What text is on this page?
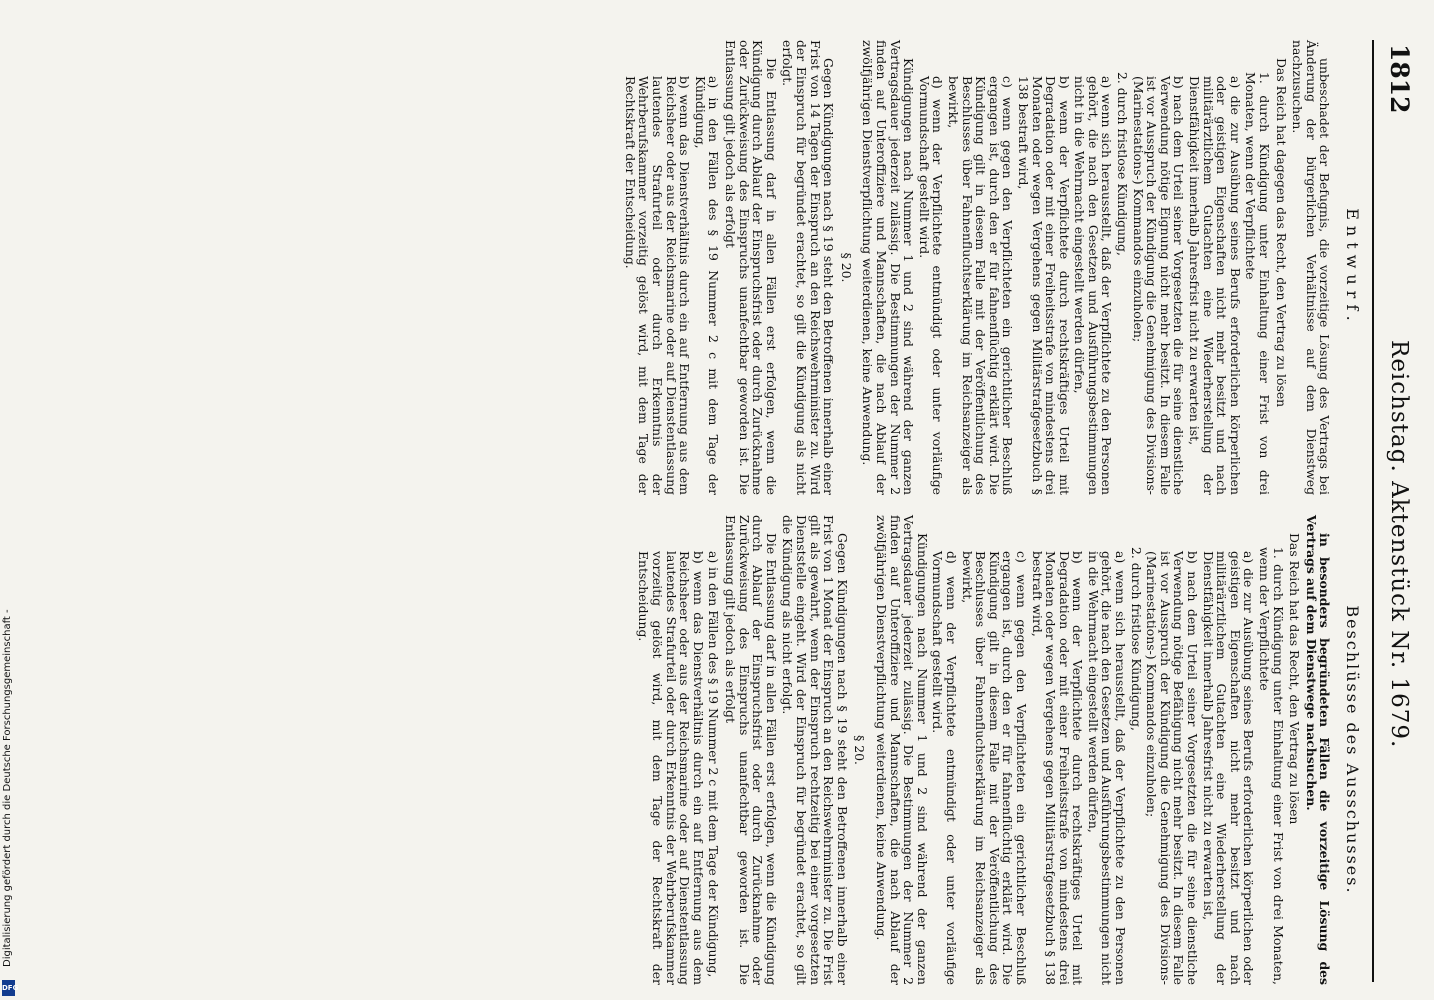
1812
Reichstag. Aktenstück Nr. 1679.
Entwurf.

unbeschadet der Befugnis, die vorzeitige Lösung des Vertrags bei Änderung der bürgerlichen Verhältnisse auf dem Dienstweg nachzusuchen.

Das Reich hat dagegen das Recht, den Vertrag zu lösen

1. durch Kündigung unter Einhaltung einer Frist von drei Monaten, wenn der Verpflichtete

a) die zur Ausübung seines Berufs erforderlichen körperlichen oder geistigen Eigenschaften nicht mehr besitzt und nach militärärztlichem Gutachten eine Wiederherstellung der Dienstfähigkeit innerhalb Jahresfrist nicht zu erwarten ist,

b) nach dem Urteil seiner Vorgesetzten die für seine dienstliche Verwendung nötige Eignung nicht mehr besitzt. In diesem Falle ist vor Ausspruch der Kündigung die Genehmigung des Divisions- (Marinestations-) Kommandos einzuholen;

2. durch fristlose Kündigung,

a) wenn sich herausstellt, daß der Verpflichtete zu den Personen gehört, die nach den Gesetzen und Ausführungsbestimmungen nicht in die Wehrmacht eingestellt werden dürfen,

b) wenn der Verpflichtete durch rechtskräftiges Urteil mit Degradation oder mit einer Freiheitsstrafe von mindestens drei Monaten oder wegen Vergehens gegen Militärstrafgesetzbuch § 138 bestraft wird,

c) wenn gegen den Verpflichteten ein gerichtlicher Beschluß ergangen ist, durch den er für fahnenflüchtig erklärt wird. Die Kündigung gilt in diesem Falle mit der Veröffentlichung des Beschlusses über Fahnenfluchtserklärung im Reichsanzeiger als bewirkt,

d) wenn der Verpflichtete entmündigt oder unter vorläufige Vormundschaft gestellt wird.

Kündigungen nach Nummer 1 und 2 sind während der ganzen Vertragsdauer jederzeit zulässig. Die Bestimmungen der Nummer 2 finden auf Unteroffiziere und Mannschaften, die nach Ablauf der zwölfjährigen Dienstverpflichtung weiterdienen, keine Anwendung.

§ 20.

Gegen Kündigungen nach § 19 steht den Betroffenen innerhalb einer Frist von 14 Tagen der Einspruch an den Reichswehrminister zu. Wird der Einspruch für begründet erachtet, so gilt die Kündigung als nicht erfolgt.

Die Entlassung darf in allen Fällen erst erfolgen, wenn die Kündigung durch Ablauf der Einspruchsfrist oder durch Zurücknahme oder Zurückweisung des Einspruchs unanfechtbar geworden ist. Die Entlassung gilt jedoch als erfolgt

a) in den Fällen des § 19 Nummer 2 c mit dem Tage der Kündigung,

b) wenn das Dienstverhältnis durch ein auf Entfernung aus dem Reichsheer oder aus der Reichsmarine oder auf Dienstentlassung lautendes Strafurteil oder durch Erkenntnis der Wehrberufskammer vorzeitig gelöst wird, mit dem Tage der Rechtskraft der Entscheidung.

Beschlüsse des Ausschusses.

in besonders begründeten Fällen die vorzeitige Lösung des Vertrags auf dem Dienstwege nachsuchen.

Das Reich hat das Recht, den Vertrag zu lösen

1. durch Kündigung unter Einhaltung einer Frist von drei Monaten, wenn der Verpflichtete

a) die zur Ausübung seines Berufs erforderlichen körperlichen oder geistigen Eigenschaften nicht mehr besitzt und nach militärärztlichem Gutachten eine Wiederherstellung der Dienstfähigkeit innerhalb Jahresfrist nicht zu erwarten ist,

b) nach dem Urteil seiner Vorgesetzten die für seine dienstliche Verwendung nötige Befähigung nicht mehr besitzt. In diesem Falle ist vor Ausspruch der Kündigung die Genehmigung des Divisions- (Marinestations-) Kommandos einzuholen;

2. durch fristlose Kündigung,

a) wenn sich herausstellt, daß der Verpflichtete zu den Personen gehört, die nach den Gesetzen und Ausführungsbestimmungen nicht in die Wehrmacht eingestellt werden dürfen,

b) wenn der Verpflichtete durch rechtskräftiges Urteil mit Degradation oder mit einer Freiheitsstrafe von mindestens drei Monaten oder wegen Vergehens gegen Militärstrafgesetzbuch § 138 bestraft wird,

c) wenn gegen den Verpflichteten ein gerichtlicher Beschluß ergangen ist, durch den er für fahnenflüchtig erklärt wird. Die Kündigung gilt in diesem Falle mit der Veröffentlichung des Beschlusses über Fahnenfluchtserklärung im Reichsanzeiger als bewirkt,

d) wenn der Verpflichtete entmündigt oder unter vorläufige Vormundschaft gestellt wird.

Kündigungen nach Nummer 1 und 2 sind während der ganzen Vertragsdauer jederzeit zulässig. Die Bestimmungen der Nummer 2 finden auf Unteroffiziere und Mannschaften, die nach Ablauf der zwölfjährigen Dienstverpflichtung weiterdienen, keine Anwendung.

§ 20.

Gegen Kündigungen nach § 19 steht den Betroffenen innerhalb einer Frist von 1 Monat der Einspruch an den Reichswehrminister zu. Die Frist gilt als gewahrt, wenn der Einspruch rechtzeitig bei einer vorgesetzten Dienststelle eingeht. Wird der Einspruch für begründet erachtet, so gilt die Kündigung als nicht erfolgt.

Die Entlassung darf in allen Fällen erst erfolgen, wenn die Kündigung durch Ablauf der Einspruchsfrist oder durch Zurücknahme oder Zurückweisung des Einspruchs unanfechtbar geworden ist. Die Entlassung gilt jedoch als erfolgt

a) in den Fällen des § 19 Nummer 2 c mit dem Tage der Kündigung,

b) wenn das Dienstverhältnis durch ein auf Entfernung aus dem Reichsheer oder aus der Reichsmarine oder auf Dienstentlassung lautendes Strafurteil oder durch Erkenntnis der Wehrberufskammer vorzeitig gelöst wird, mit dem Tage der Rechtskraft der Entscheidung.

Digitalisierung gefördert durch die Deutsche Forschungsgemeinschaft -
DFG
